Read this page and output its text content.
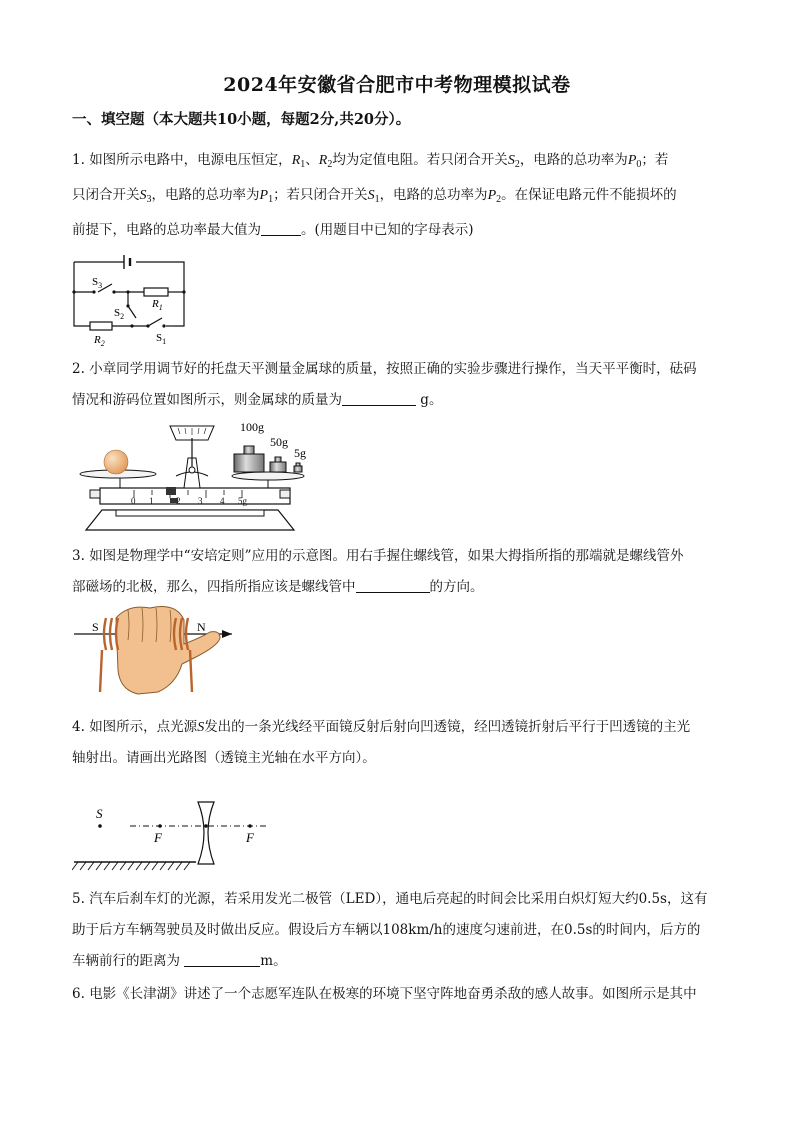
2024年安徽省合肥市中考物理模拟试卷
一、填空题（本大题共10小题，每题2分,共20分）。

1. 如图所示电路中，电源电压恒定，$R_1$、$R_2$均为定值电阻。若只闭合开关$S_2$，电路的总功率为$P_0$；若

只闭合开关$S_3$，电路的总功率为$P_1$；若只闭合开关$S_1$，电路的总功率为$P_2$。在保证电路元件不能损坏的

前提下，电路的总功率最大值为	。(用题目中已知的字母表示)

$S_3$
$R_1$
$S_2$
$R_2$	$S_1$

2. 小章同学用调节好的托盘天平测量金属球的质量，按照正确的实验步骤进行操作，当天平平衡时，砝码

情况和游码位置如图所示，则金属球的质量为	g。

0 1	2 3 4 5g
100g
50g
5g

3. 如图是物理学中“安培定则”应用的示意图。用右手握住螺线管，如果大拇指所指的那端就是螺线管外

部磁场的北极，那么，四指所指应该是螺线管中	的方向。

S	N

4. 如图所示，点光源S发出的一条光线经平面镜反射后射向凹透镜，经凹透镜折射后平行于凹透镜的主光

轴射出。请画出光路图（透镜主光轴在水平方向）。

S
F	F

5. 汽车后刹车灯的光源，若采用发光二极管（LED），通电后亮起的时间会比采用白炽灯短大约0.5s，这有

助于后方车辆驾驶员及时做出反应。假设后方车辆以108km/h的速度匀速前进，在0.5s的时间内，后方的

车辆前行的距离为	m。

6. 电影《长津湖》讲述了一个志愿军连队在极寒的环境下坚守阵地奋勇杀敌的感人故事。如图所示是其中
